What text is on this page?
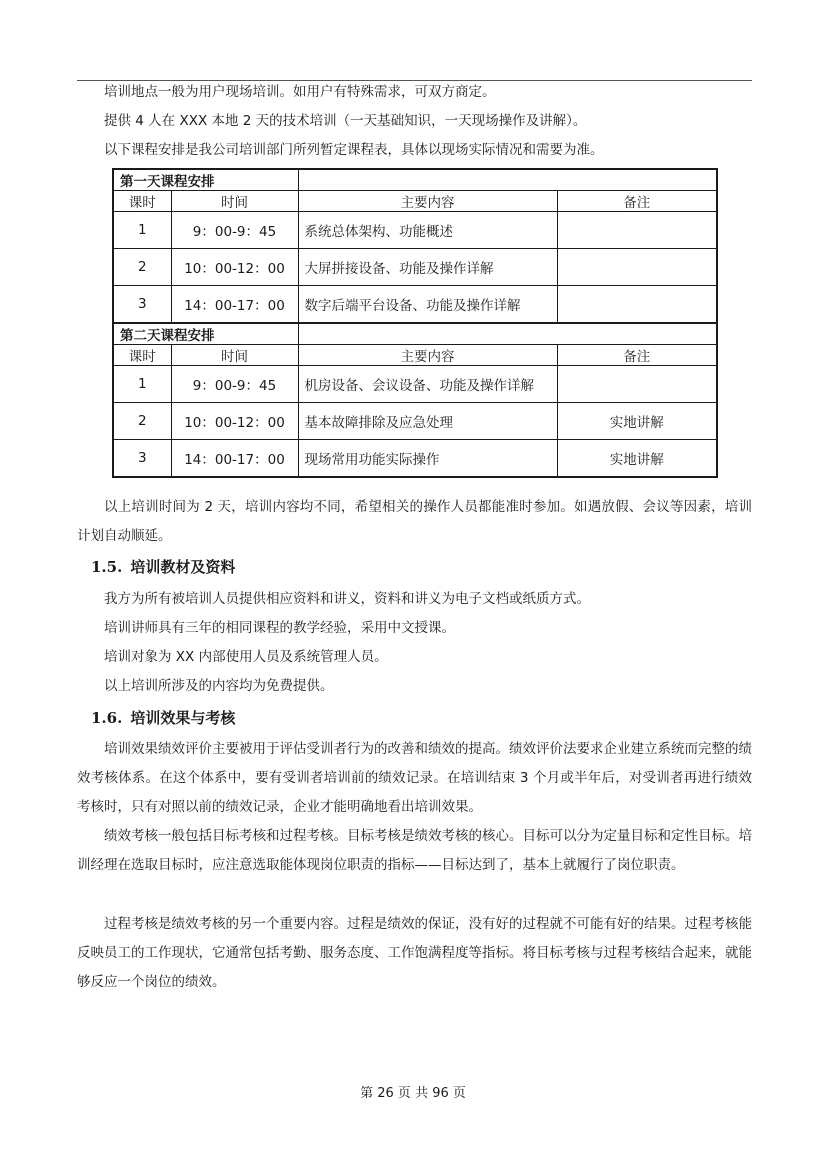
培训地点一般为用户现场培训。如用户有特殊需求，可双方商定。

提供 4 人在 XXX 本地 2 天的技术培训（一天基础知识，一天现场操作及讲解）。

以下课程安排是我公司培训部门所列暂定课程表，具体以现场实际情况和需要为准。

第一天课程安排			
课时	时间	主要内容	备注
1	9：00-9：45	系统总体架构、功能概述	
2	10：00-12：00	大屏拼接设备、功能及操作详解	
3	14：00-17：00	数字后端平台设备、功能及操作详解	
第二天课程安排			
课时	时间	主要内容	备注
1	9：00-9：45	机房设备、会议设备、功能及操作详解	
2	10：00-12：00	基本故障排除及应急处理	实地讲解
3	14：00-17：00	现场常用功能实际操作	实地讲解

以上培训时间为 2 天，培训内容均不同，希望相关的操作人员都能准时参加。如遇放假、会议等因素，培训计划自动顺延。

1.5. 培训教材及资料

我方为所有被培训人员提供相应资料和讲义，资料和讲义为电子文档或纸质方式。

培训讲师具有三年的相同课程的教学经验，采用中文授课。

培训对象为 XX 内部使用人员及系统管理人员。

以上培训所涉及的内容均为免费提供。

1.6. 培训效果与考核

培训效果绩效评价主要被用于评估受训者行为的改善和绩效的提高。绩效评价法要求企业建立系统而完整的绩效考核体系。在这个体系中，要有受训者培训前的绩效记录。在培训结束 3 个月或半年后，对受训者再进行绩效考核时，只有对照以前的绩效记录，企业才能明确地看出培训效果。

绩效考核一般包括目标考核和过程考核。目标考核是绩效考核的核心。目标可以分为定量目标和定性目标。培训经理在选取目标时，应注意选取能体现岗位职责的指标——目标达到了，基本上就履行了岗位职责。

过程考核是绩效考核的另一个重要内容。过程是绩效的保证，没有好的过程就不可能有好的结果。过程考核能反映员工的工作现状，它通常包括考勤、服务态度、工作饱满程度等指标。将目标考核与过程考核结合起来，就能够反应一个岗位的绩效。

第 26 页 共 96 页
